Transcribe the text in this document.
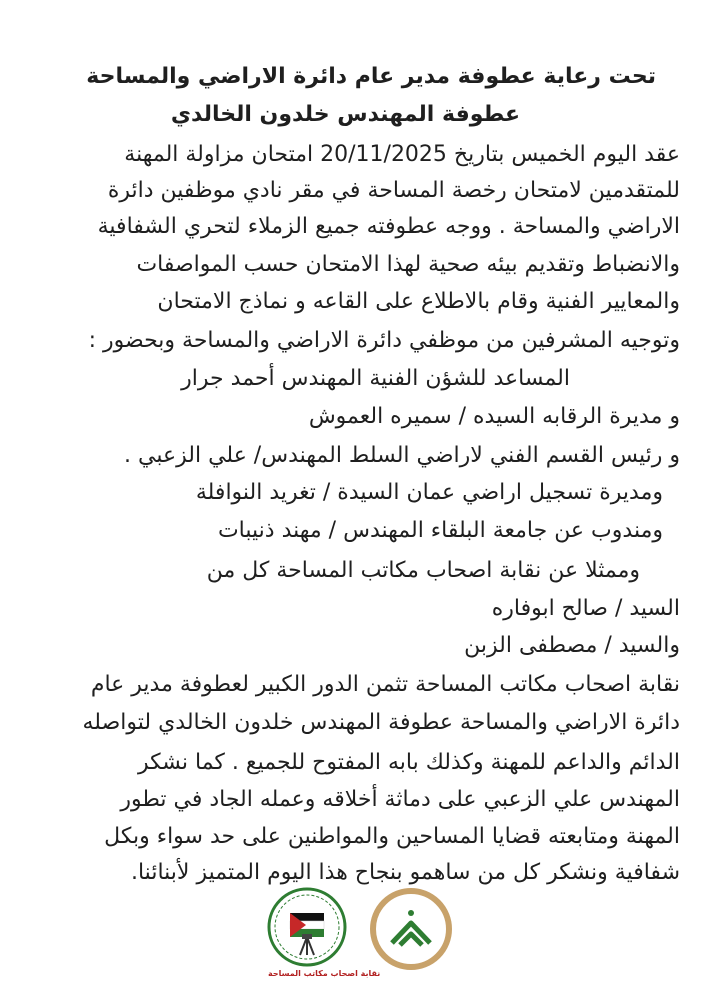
تحت رعاية عطوفة مدير عام دائرة الاراضي والمساحة
عطوفة المهندس خلدون الخالدي
عقد اليوم الخميس بتاريخ 20/11/2025 امتحان مزاولة المهنة
للمتقدمين لامتحان رخصة المساحة في مقر نادي موظفين دائرة
الاراضي والمساحة . ووجه عطوفته جميع الزملاء لتحري الشفافية
والانضباط وتقديم بيئه صحية لهذا الامتحان حسب المواصفات
والمعايير الفنية وقام بالاطلاع على القاعه و نماذج الامتحان
وتوجيه المشرفين من موظفي دائرة الاراضي والمساحة وبحضور :
المساعد للشؤن الفنية المهندس أحمد جرار
و مديرة الرقابه السيده / سميره العموش
و رئيس القسم الفني لاراضي السلط المهندس/ علي الزعبي .
ومديرة تسجيل اراضي عمان السيدة / تغريد النوافلة
ومندوب عن جامعة البلقاء المهندس / مهند ذنيبات
وممثلا عن نقابة اصحاب مكاتب المساحة كل من
السيد / صالح ابوفاره
والسيد / مصطفى الزبن
نقابة اصحاب مكاتب المساحة تثمن الدور الكبير لعطوفة مدير عام
دائرة الاراضي والمساحة عطوفة المهندس خلدون الخالدي لتواصله
الدائم والداعم للمهنة وكذلك بابه المفتوح للجميع . كما نشكر
المهندس علي الزعبي على دماثة أخلاقه وعمله الجاد في تطور
المهنة ومتابعته قضايا المساحين والمواطنين على حد سواء وبكل
شفافية ونشكر كل من ساهمو بنجاح هذا اليوم المتميز لأبنائنا.
نقابة اصحاب مكاتب المساحة
